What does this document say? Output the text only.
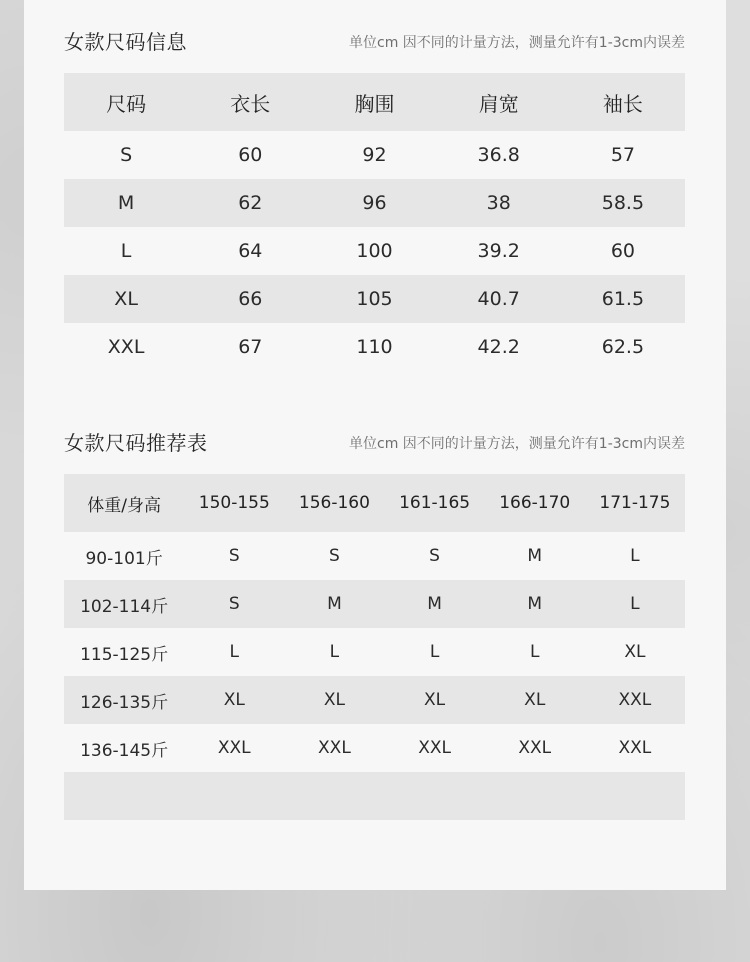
女款尺码信息	单位cm 因不同的计量方法，测量允许有1-3cm内误差
尺码	衣长	胸围	肩宽	袖长
S	60	92	36.8	57
M	62	96	38	58.5
L	64	100	39.2	60
XL	66	105	40.7	61.5
XXL	67	110	42.2	62.5
女款尺码推荐表	单位cm 因不同的计量方法，测量允许有1-3cm内误差
体重/身高	150-155	156-160	161-165	166-170	171-175
90-101斤	S	S	S	M	L
102-114斤	S	M	M	M	L
115-125斤	L	L	L	L	XL
126-135斤	XL	XL	XL	XL	XXL
136-145斤	XXL	XXL	XXL	XXL	XXL
